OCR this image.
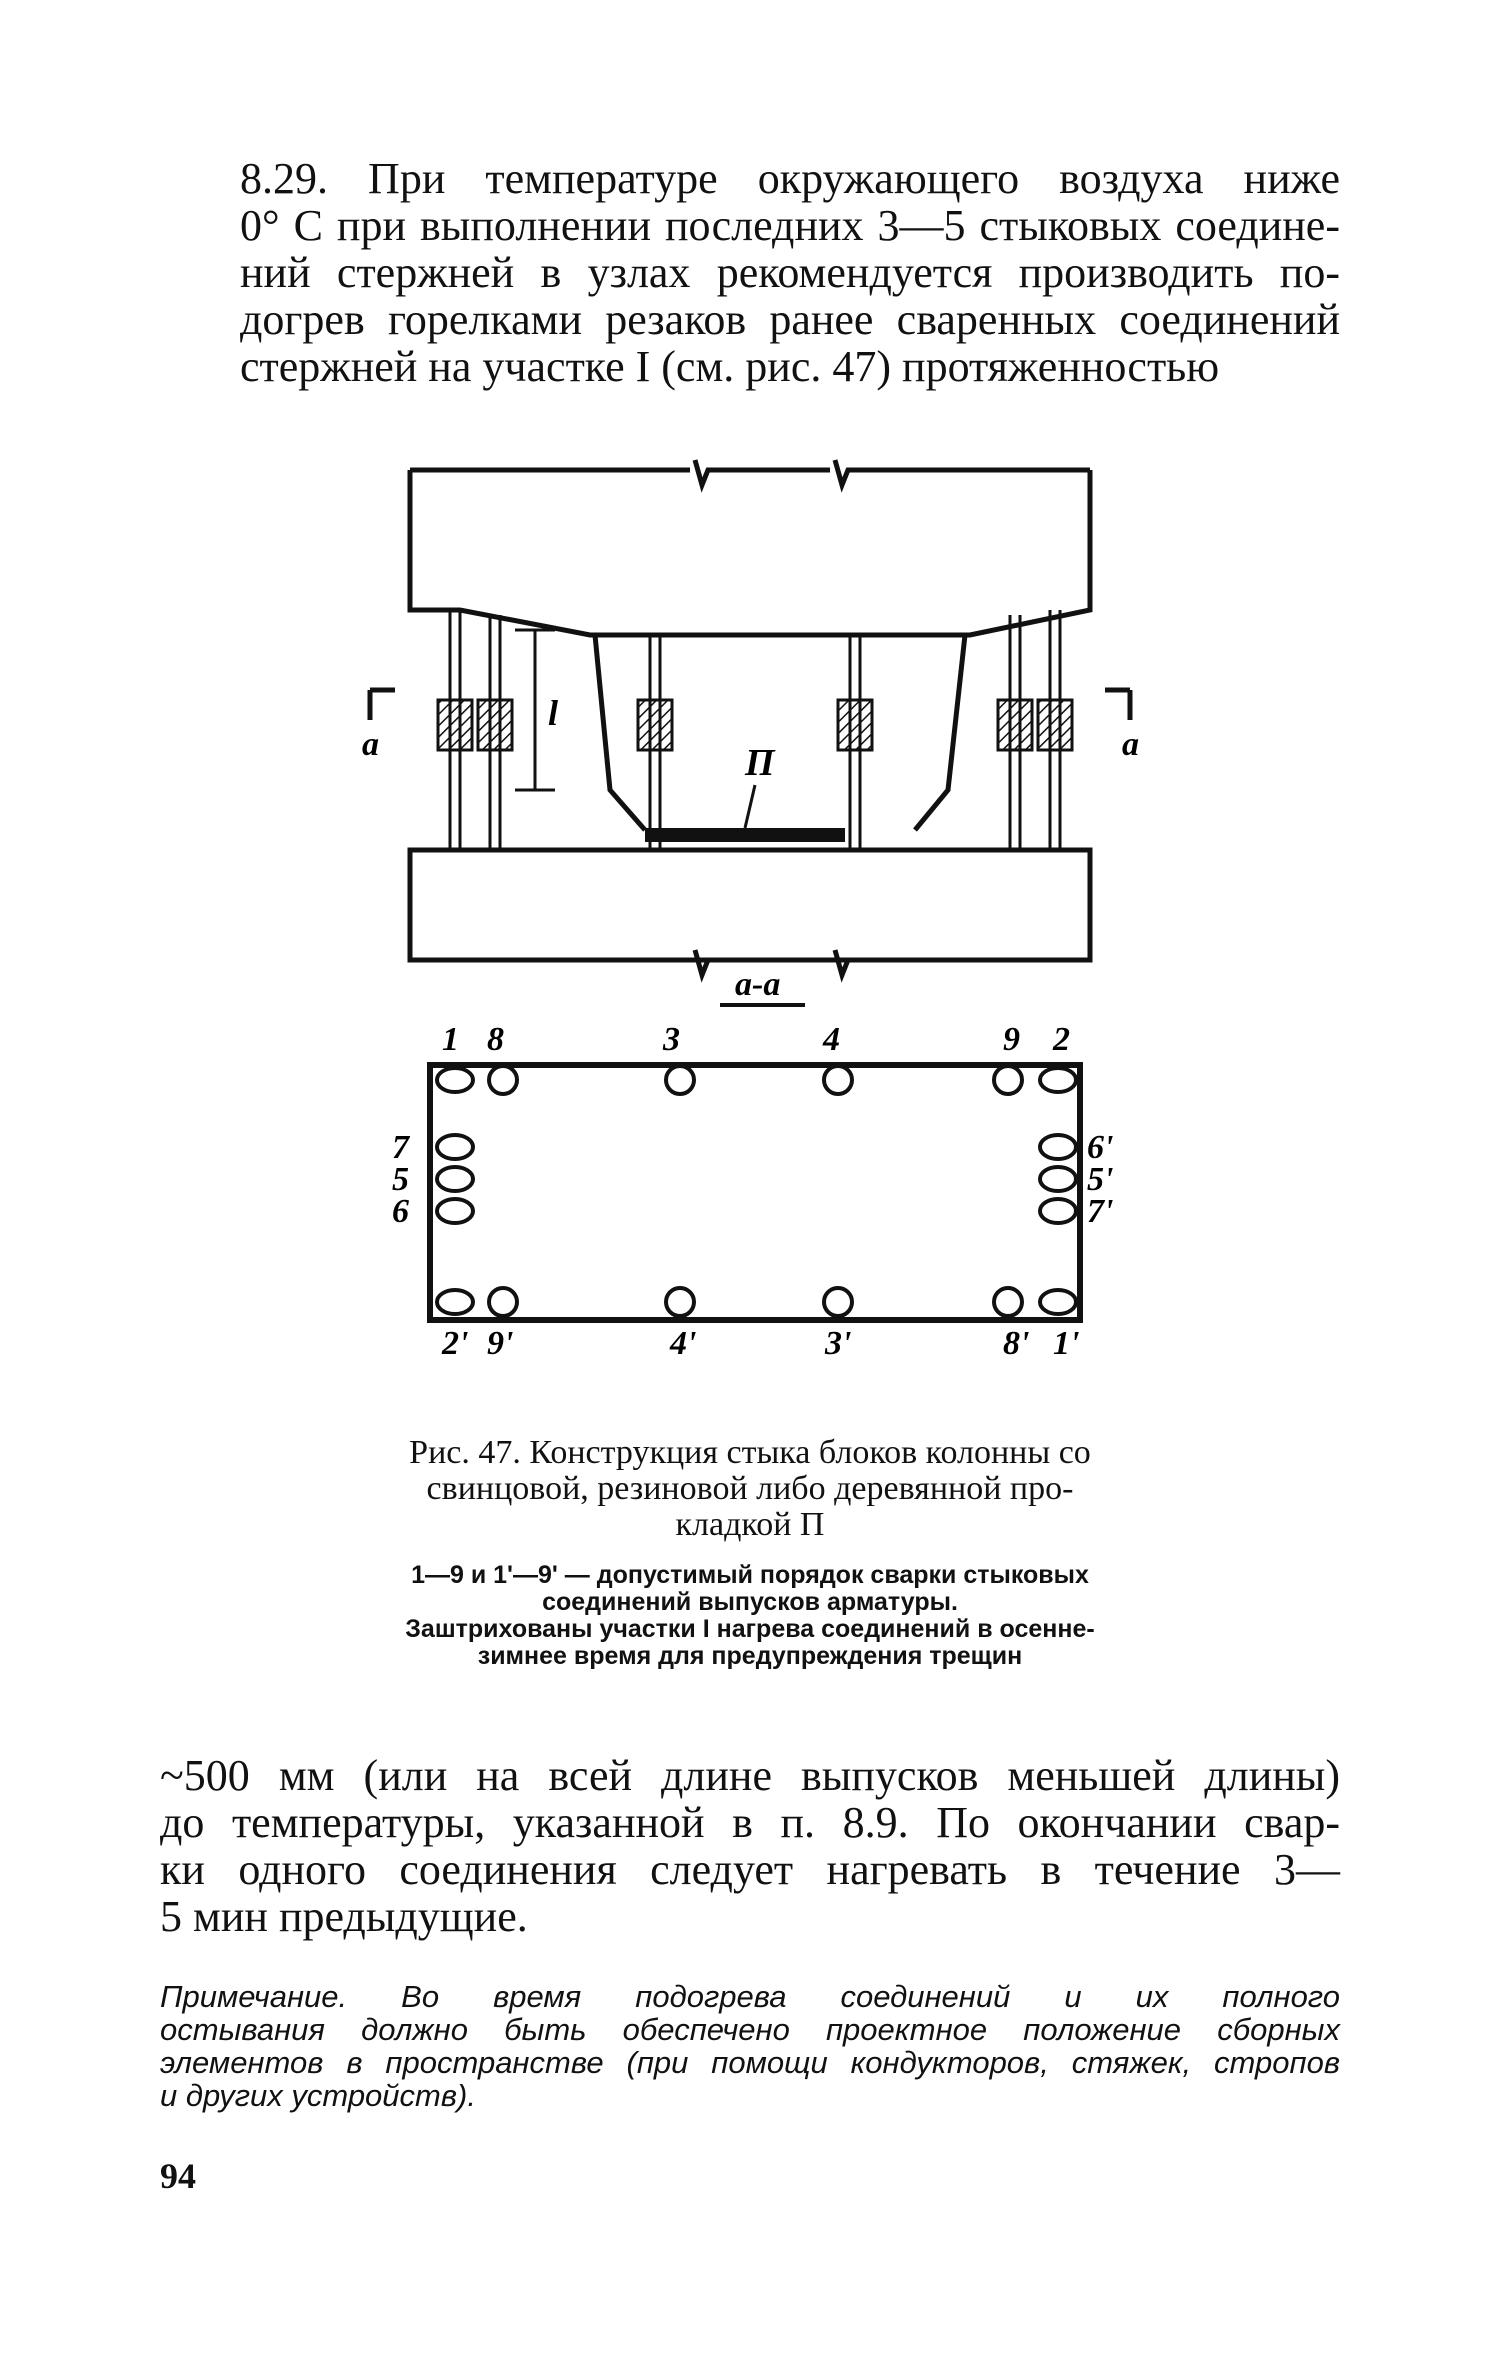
8.29. При температуре окружающего воздуха ниже
0° С при выполнении последних 3—5 стыковых соедине-
ний стержней в узлах рекомендуется производить по-
догрев горелками резаков ранее сваренных соединений
стержней на участке I (см. рис. 47) протяженностью
a	a
l
П
a-a
1 8	3	4	9 2
7
5
6
6'
5'
7'
2' 9'	4'	3'	8' 1'
Рис. 47. Конструкция стыка блоков колонны со
свинцовой, резиновой либо деревянной про-
кладкой П
1—9 и 1'—9' — допустимый порядок сварки стыковых
соединений выпусков арматуры.
Заштрихованы участки I нагрева соединений в осенне-
зимнее время для предупреждения трещин
~500 мм (или на всей длине выпусков меньшей длины)
до температуры, указанной в п. 8.9. По окончании свар-
ки одного соединения следует нагревать в течение 3—
5 мин предыдущие.
Примечание. Во время подогрева соединений и их полного
остывания должно быть обеспечено проектное положение сборных
элементов в пространстве (при помощи кондукторов, стяжек, стропов
и других устройств).
94
